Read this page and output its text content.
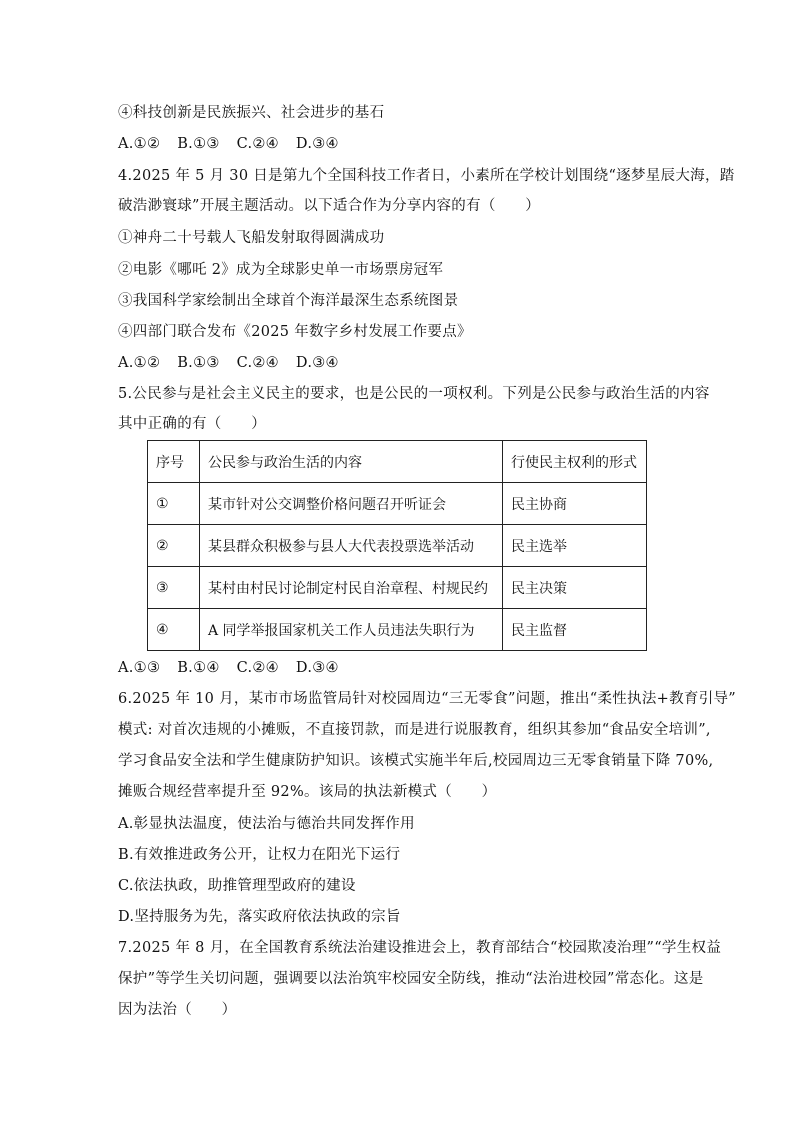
④科技创新是民族振兴、社会进步的基石
A.①② B.①③ C.②④ D.③④
4.2025 年 5 月 30 日是第九个全国科技工作者日，小素所在学校计划围绕“逐梦星辰大海，踏
破浩渺寰球”开展主题活动。以下适合作为分享内容的有（　　）
①神舟二十号载人飞船发射取得圆满成功
②电影《哪吒 2》成为全球影史单一市场票房冠军
③我国科学家绘制出全球首个海洋最深生态系统图景
④四部门联合发布《2025 年数字乡村发展工作要点》
A.①② B.①③ C.②④ D.③④
5.公民参与是社会主义民主的要求，也是公民的一项权利。下列是公民参与政治生活的内容
其中正确的有（　　）
序号	公民参与政治生活的内容	行使民主权利的形式
①	某市针对公交调整价格问题召开听证会	民主协商
②	某县群众积极参与县人大代表投票选举活动	民主选举
③	某村由村民讨论制定村民自治章程、村规民约	民主决策
④	A 同学举报国家机关工作人员违法失职行为	民主监督
A.①③ B.①④ C.②④ D.③④
6.2025 年 10 月，某市市场监管局针对校园周边“三无零食”问题，推出“柔性执法+教育引导”
模式: 对首次违规的小摊贩，不直接罚款，而是进行说服教育，组织其参加“食品安全培训”,
学习食品安全法和学生健康防护知识。该模式实施半年后,校园周边三无零食销量下降 70%,
摊贩合规经营率提升至 92%。该局的执法新模式（　　）
A.彰显执法温度，使法治与德治共同发挥作用
B.有效推进政务公开，让权力在阳光下运行
C.依法执政，助推管理型政府的建设
D.坚持服务为先，落实政府依法执政的宗旨
7.2025 年 8 月，在全国教育系统法治建设推进会上，教育部结合“校园欺凌治理”“学生权益
保护”等学生关切问题，强调要以法治筑牢校园安全防线，推动“法治进校园”常态化。这是
因为法治（　　）
